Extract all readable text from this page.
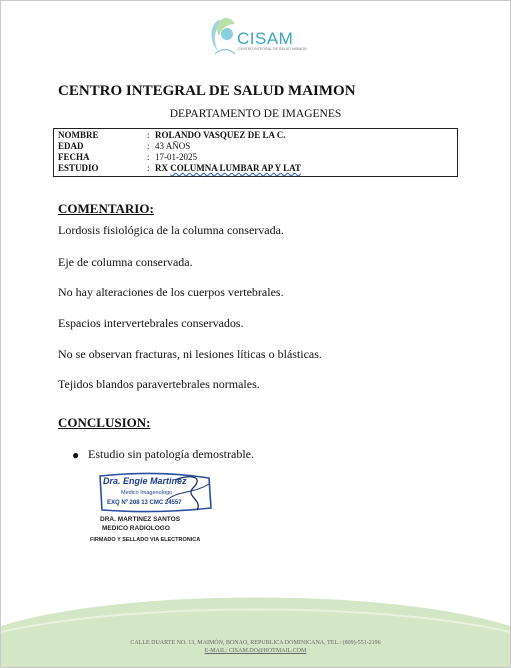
CISAM
CENTRO INTEGRAL DE SALUD MAIMON
CENTRO INTEGRAL DE SALUD MAIMON
DEPARTAMENTO DE IMAGENES
NOMBRE	: ROLANDO VASQUEZ DE LA C.
EDAD	: 43 AÑOS
FECHA	: 17-01-2025
ESTUDIO	: RX COLUMNA LUMBAR AP Y LAT
COMENTARIO:
Lordosis fisiológica de la columna conservada.
Eje de columna conservada.
No hay alteraciones de los cuerpos vertebrales.
Espacios intervertebrales conservados.
No se observan fracturas, ni lesiones líticas o blásticas.
Tejidos blandos paravertebrales normales.
CONCLUSION:
● Estudio sin patología demostrable.
Dra. Engie Martinez
Medico Imagenologo
EXQ Nº 208 13 CMC 24557
DRA. MARTINEZ SANTOS
MEDICO RADIOLOGO
FIRMADO Y SELLADO VIA ELECTRONICA
CALLE DUARTE NO. 13, MAIMÓN, BONAO, REPUBLICA DOMINICANA, TEL.: (809)-551-2196
E-MAIL: CISAM.DO@HOTMAIL.COM
